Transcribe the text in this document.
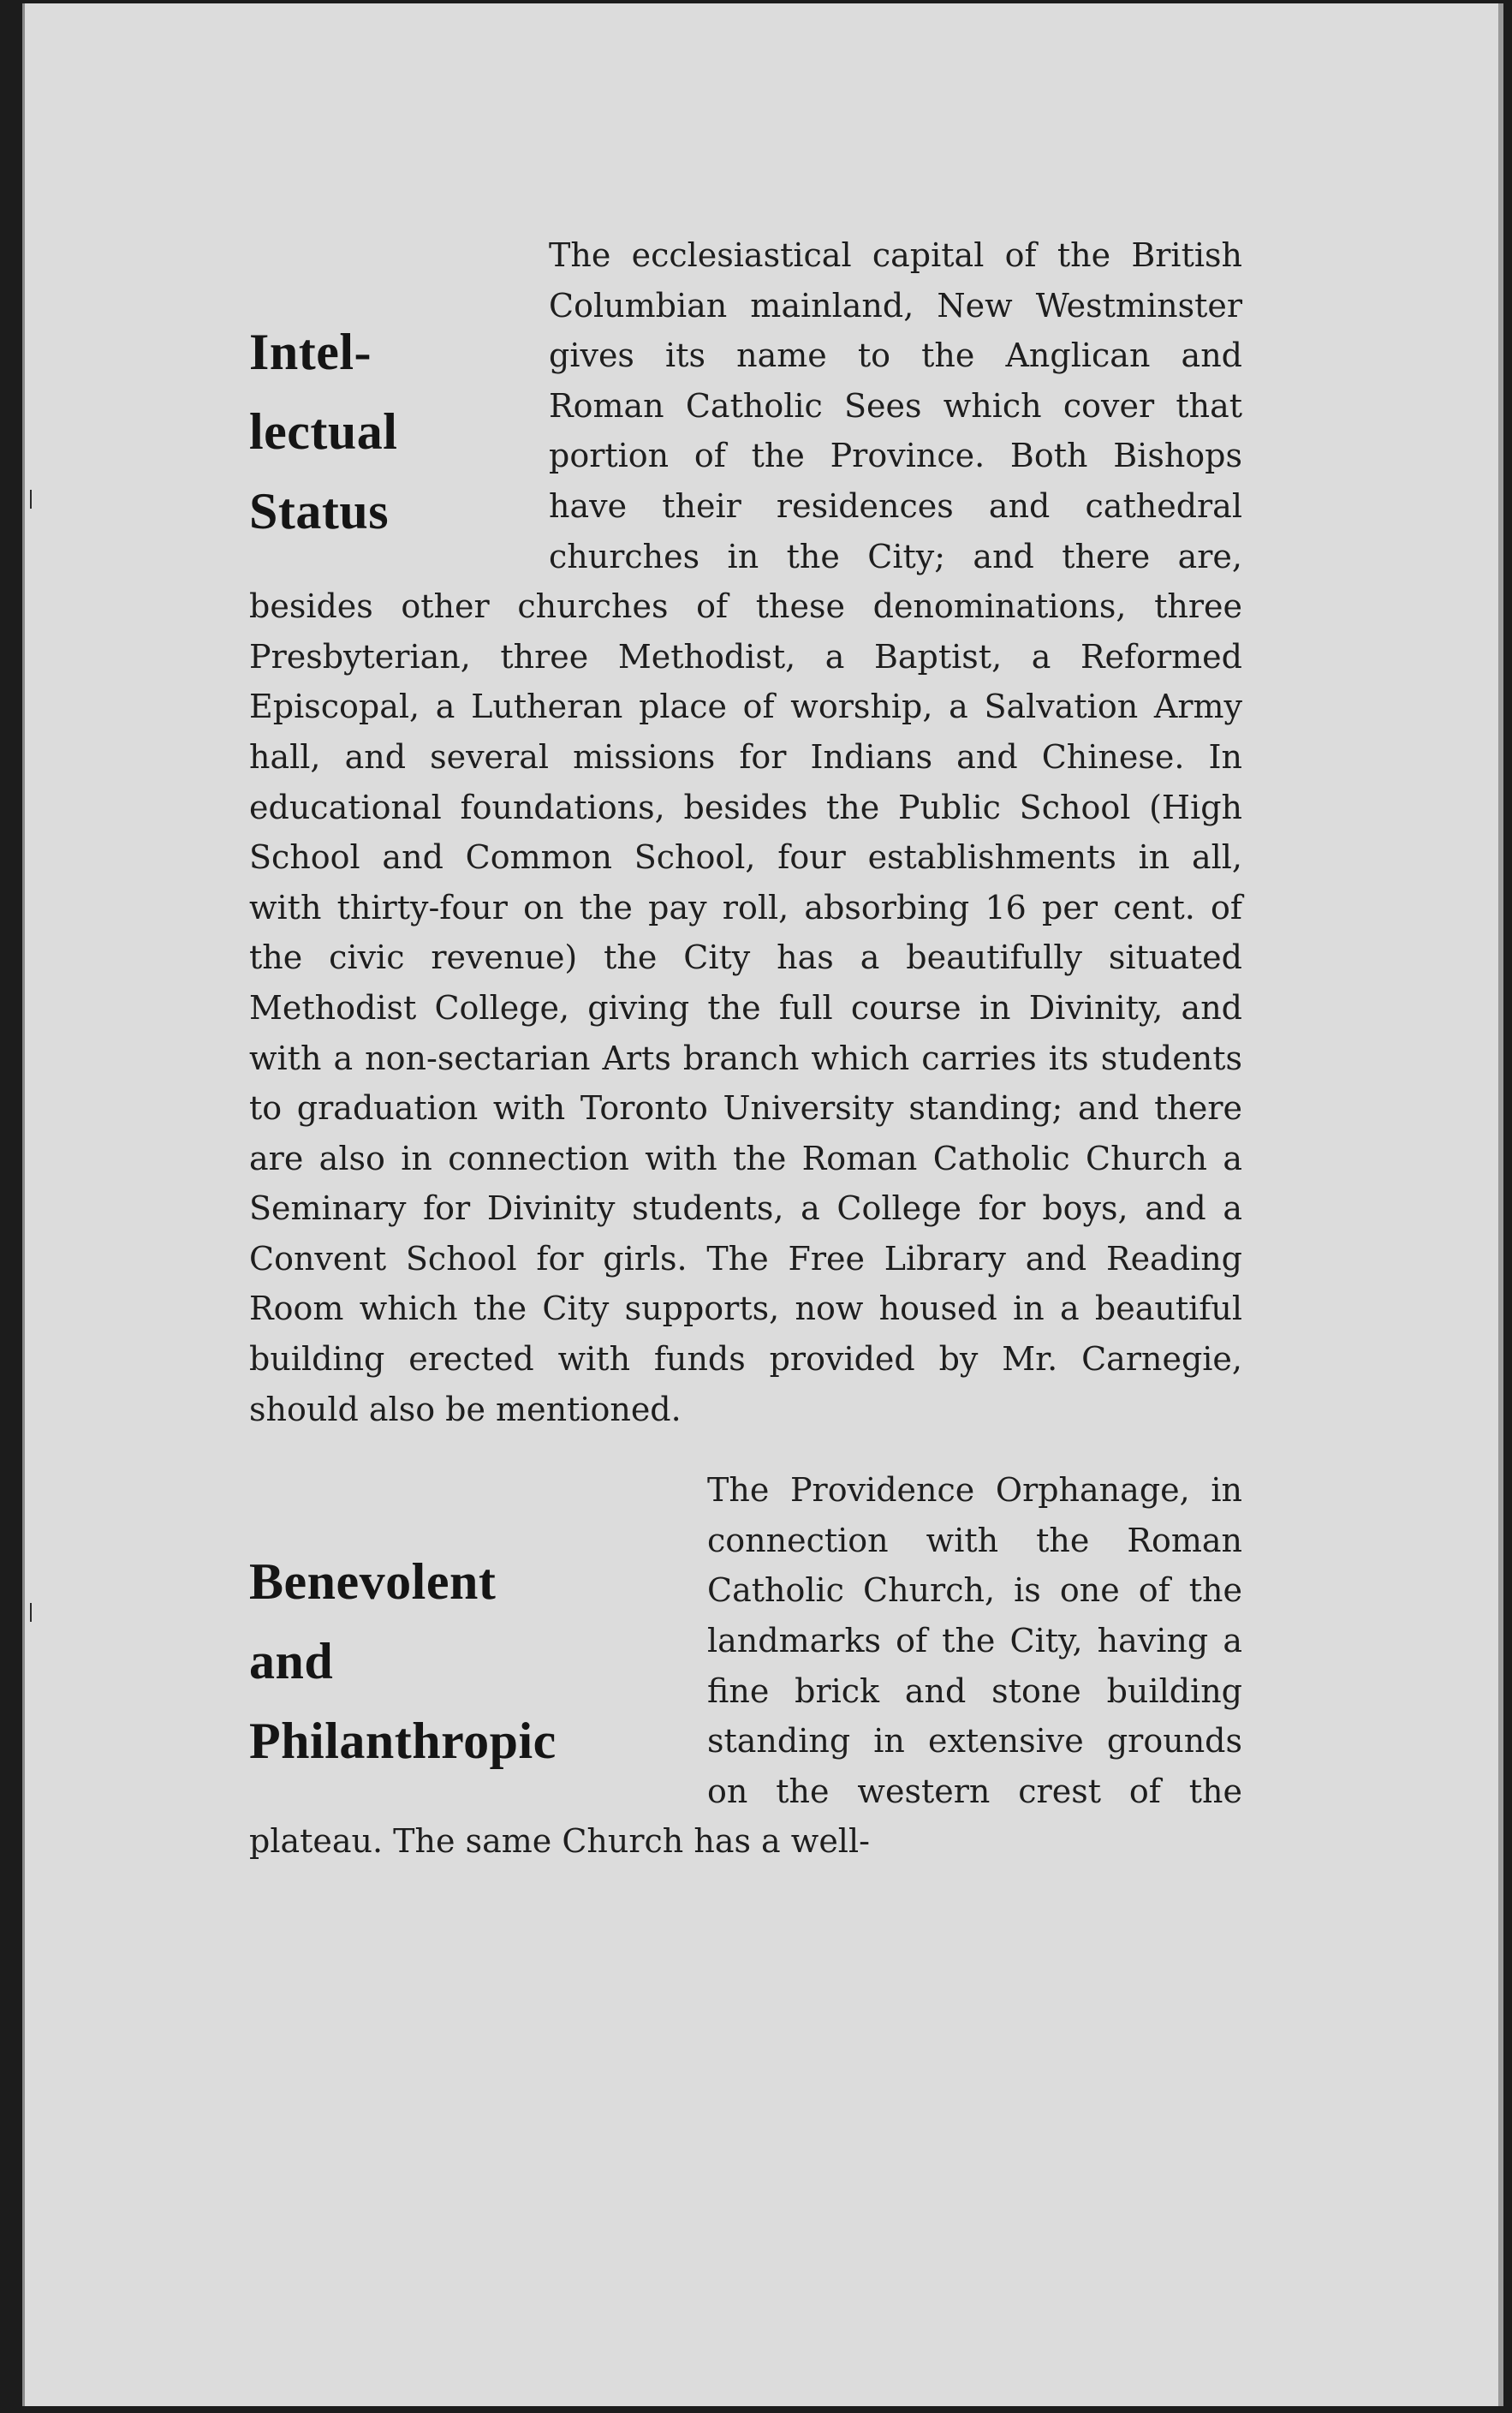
Intel-
lectual
Status

The ecclesiastical capital of the British Columbian mainland, New Westminster gives its name to the Anglican and Roman Catholic Sees which cover that portion of the Province. Both Bishops have their residences and cathedral churches in the City; and there are, besides other churches of these denominations, three Presbyterian, three Methodist, a Baptist, a Reformed Episcopal, a Lutheran place of worship, a Salvation Army hall, and several missions for Indians and Chinese. In educational foundations, besides the Public School (High School and Common School, four establishments in all, with thirty-four on the pay roll, absorbing 16 per cent. of the civic revenue) the City has a beautifully situated Methodist College, giving the full course in Divinity, and with a non-sectarian Arts branch which carries its students to graduation with Toronto University standing; and there are also in connection with the Roman Catholic Church a Seminary for Divinity students, a College for boys, and a Convent School for girls. The Free Library and Reading Room which the City supports, now housed in a beautiful building erected with funds provided by Mr. Carnegie, should also be mentioned.

Benevolent
and
Philanthropic

The Providence Orphanage, in connection with the Roman Catholic Church, is one of the landmarks of the City, having a fine brick and stone building standing in extensive grounds on the western crest of the plateau. The same Church has a well-
